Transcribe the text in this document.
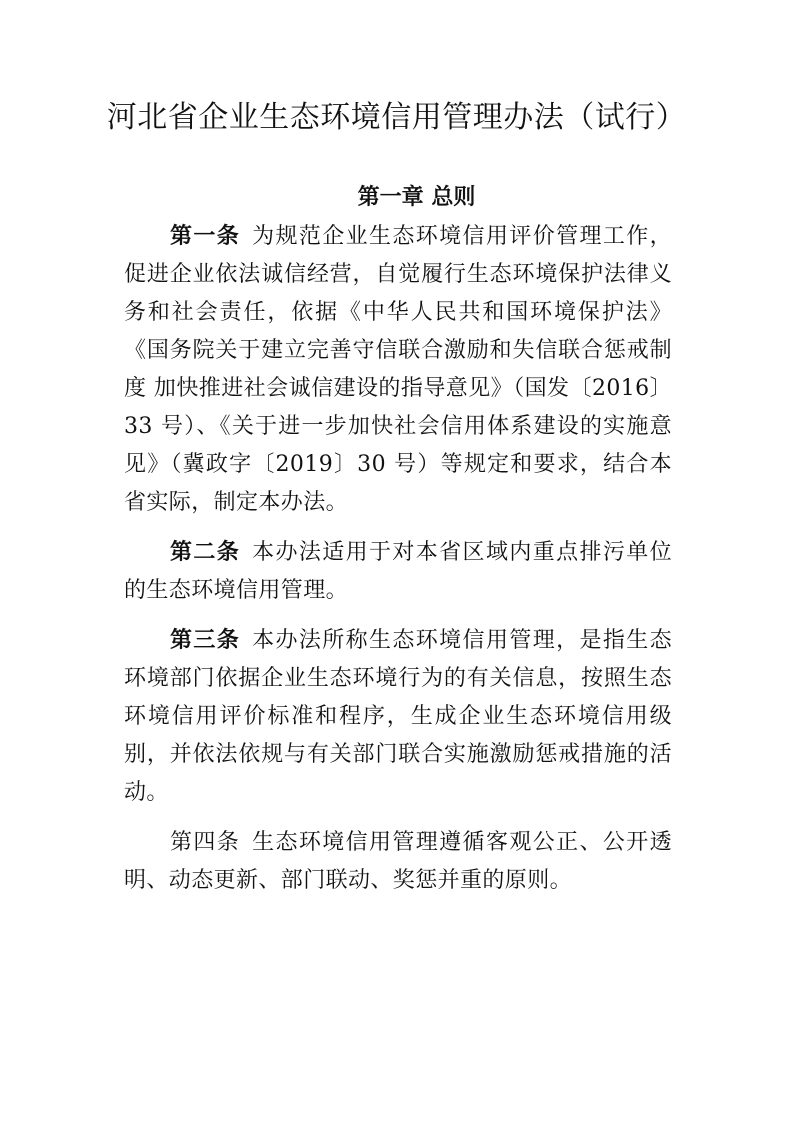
河北省企业生态环境信用管理办法（试行）
第一章 总则

第一条 为规范企业生态环境信用评价管理工作，促进企业依法诚信经营，自觉履行生态环境保护法律义务和社会责任，依据《中华人民共和国环境保护法》《国务院关于建立完善守信联合激励和失信联合惩戒制度 加快推进社会诚信建设的指导意见》（国发〔2016〕33 号）、《关于进一步加快社会信用体系建设的实施意见》（冀政字〔2019〕30 号）等规定和要求，结合本省实际，制定本办法。

第二条 本办法适用于对本省区域内重点排污单位的生态环境信用管理。

第三条 本办法所称生态环境信用管理，是指生态环境部门依据企业生态环境行为的有关信息，按照生态环境信用评价标准和程序，生成企业生态环境信用级别，并依法依规与有关部门联合实施激励惩戒措施的活动。

第四条 生态环境信用管理遵循客观公正、公开透明、动态更新、部门联动、奖惩并重的原则。
